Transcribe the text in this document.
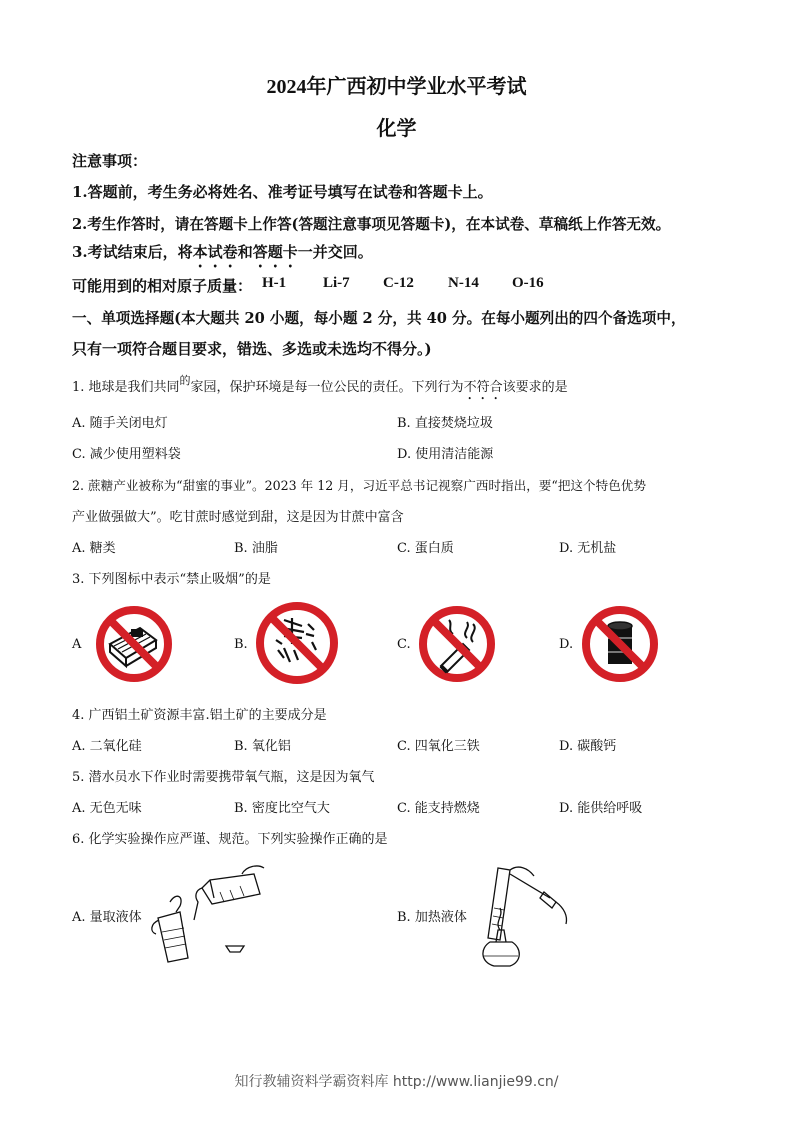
2024年广西初中学业水平考试
化学
注意事项：
1.答题前，考生务必将姓名、准考证号填写在试卷和答题卡上。
2.考生作答时，请在答题卡上作答(答题注意事项见答题卡)，在本试卷、草稿纸上作答无效。
3.考试结束后，将本试卷和答题卡一并交回。
可能用到的相对原子质量： H-1 Li-7 C-12 N-14 O-16
一、单项选择题(本大题共 20 小题，每小题 2 分，共 40 分。在每小题列出的四个备选项中，
只有一项符合题目要求，错选、多选或未选均不得分。)
1. 地球是我们共同$^的$家园，保护环境是每一位公民的责任。下列行为不符合该要求的是
A. 随手关闭电灯	B. 直接焚烧垃圾
C. 减少使用塑料袋	D. 使用清洁能源
2. 蔗糖产业被称为“甜蜜的事业”。2023 年 12 月，习近平总书记视察广西时指出，要“把这个特色优势
产业做强做大”。吃甘蔗时感觉到甜，这是因为甘蔗中富含
A. 糖类	B. 油脂	C. 蛋白质	D. 无机盐
3. 下列图标中表示“禁止吸烟”的是
A	B.	C.	D.
4. 广西铝土矿资源丰富.铝土矿的主要成分是
A. 二氧化硅	B. 氧化铝	C. 四氧化三铁	D. 碳酸钙
5. 潜水员水下作业时需要携带氧气瓶，这是因为氧气
A. 无色无味	B. 密度比空气大	C. 能支持燃烧	D. 能供给呼吸
6. 化学实验操作应严谨、规范。下列实验操作正确的是
A. 量取液体	B. 加热液体
知行教辅资料学霸资料库 http://www.lianjie99.cn/
